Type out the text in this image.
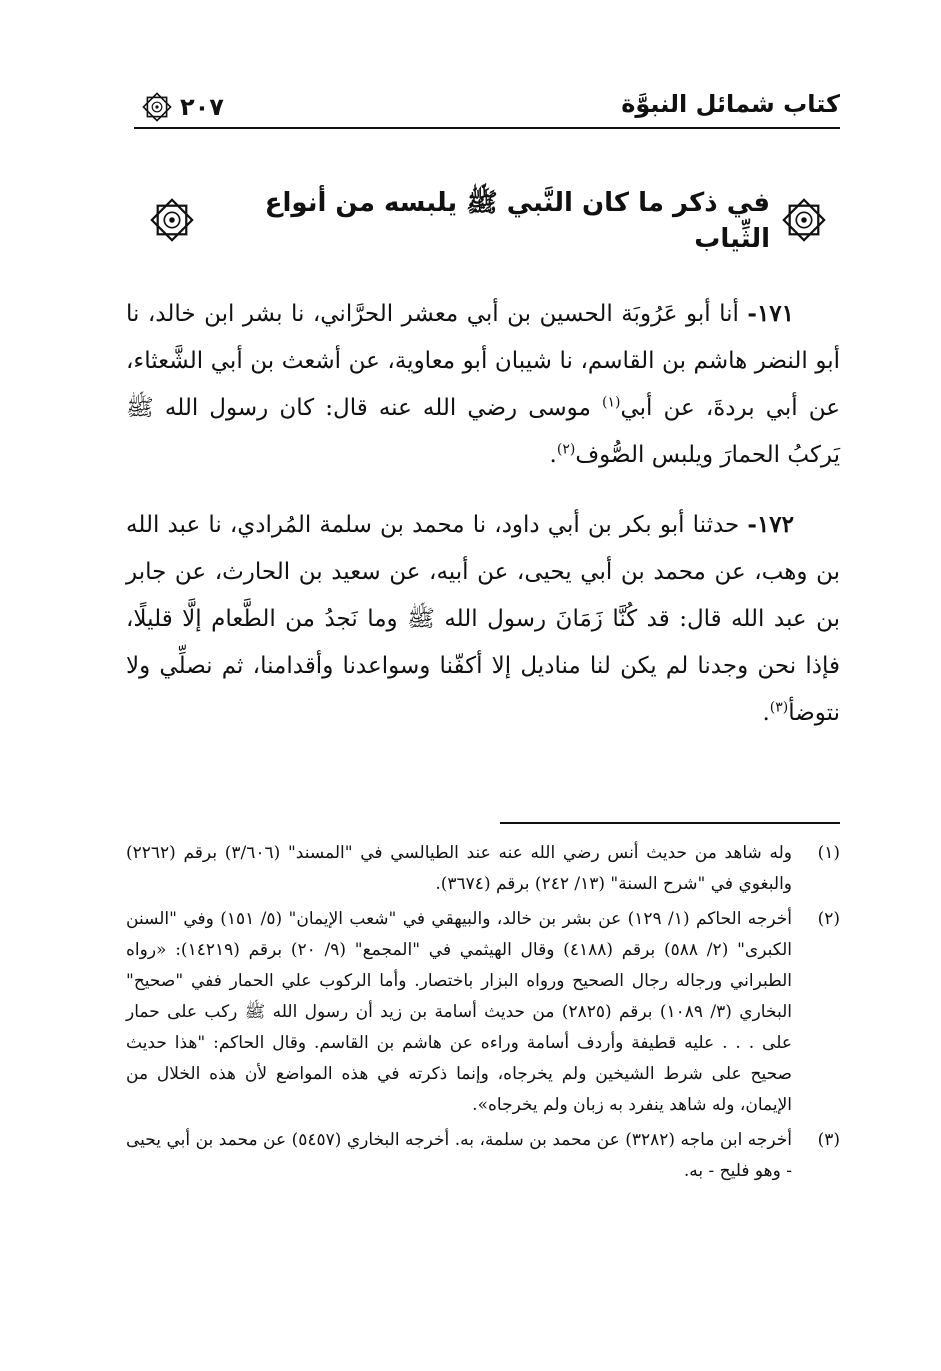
كتاب شمائل النبوَّة
٢٠٧
في ذكر ما كان النَّبي ﷺ يلبسه من أنواع الثِّياب

١٧١- أنا أبو عَرُوبَة الحسين بن أبي معشر الحرَّاني، نا بشر ابن خالد، نا أبو النضر هاشم بن القاسم، نا شيبان أبو معاوية، عن أشعث بن أبي الشَّعثاء، عن أبي بردةَ، عن أبي$^{(١)}$ موسى رضي الله عنه قال: كان رسول الله ﷺ يَركبُ الحمارَ ويلبس الصُّوف$^{(٢)}$.

١٧٢- حدثنا أبو بكر بن أبي داود، نا محمد بن سلمة المُرادي، نا عبد الله بن وهب، عن محمد بن أبي يحيى، عن أبيه، عن سعيد بن الحارث، عن جابر بن عبد الله قال: قد كُنَّا زَمَانَ رسول الله ﷺ وما نَجدُ من الطَّعام إلَّا قليلًا، فإذا نحن وجدنا لم يكن لنا مناديل إلا أكفّنا وسواعدنا وأقدامنا، ثم نصلِّي ولا نتوضأ$^{(٣)}$.

(١)
وله شاهد من حديث أنس رضي الله عنه عند الطيالسي في "المسند" (٣/٦٠٦) برقم (٢٢٦٢) والبغوي في "شرح السنة" (١٣/ ٢٤٢) برقم (٣٦٧٤).
(٢)
أخرجه الحاكم (١/ ١٢٩) عن بشر بن خالد، والبيهقي في "شعب الإيمان" (٥/ ١٥١) وفي "السنن الكبرى" (٢/ ٥٨٨) برقم (٤١٨٨) وقال الهيثمي في "المجمع" (٩/ ٢٠) برقم (١٤٢١٩): «رواه الطبراني ورجاله رجال الصحيح ورواه البزار باختصار. وأما الركوب علي الحمار ففي "صحيح" البخاري (٣/ ١٠٨٩) برقم (٢٨٢٥) من حديث أسامة بن زيد أن رسول الله ﷺ ركب على حمار على . . . عليه قطيفة وأردف أسامة وراءه عن هاشم بن القاسم. وقال الحاكم: "هذا حديث صحيح على شرط الشيخين ولم يخرجاه، وإنما ذكرته في هذه المواضع لأن هذه الخلال من الإيمان، وله شاهد ينفرد به زبان ولم يخرجاه».
(٣)
أخرجه ابن ماجه (٣٢٨٢) عن محمد بن سلمة، به. أخرجه البخاري (٥٤٥٧) عن محمد بن أبي يحيى - وهو فليح - به.
